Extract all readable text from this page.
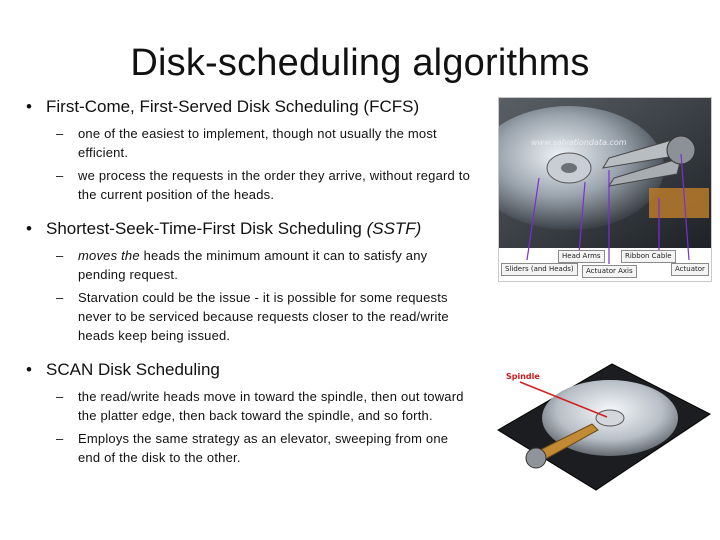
Disk-scheduling algorithms
• First-Come, First-Served Disk Scheduling (FCFS)
– one of the easiest to implement, though not usually the most efficient.
– we process the requests in the order they arrive, without regard to the current position of the heads.
• Shortest-Seek-Time-First Disk Scheduling (SSTF)
– moves the heads the minimum amount it can to satisfy any pending request.
– Starvation could be the issue - it is possible for some requests never to be serviced because requests closer to the read/write heads keep being issued.
• SCAN Disk Scheduling
– the read/write heads move in toward the spindle, then out toward the platter edge, then back toward the spindle, and so forth.
– Employs the same strategy as an elevator, sweeping from one end of the disk to the other.
www.salvationdata.com
Head Arms	Ribbon Cable
Sliders (and Heads)	Actuator Axis	Actuator
Spindle
